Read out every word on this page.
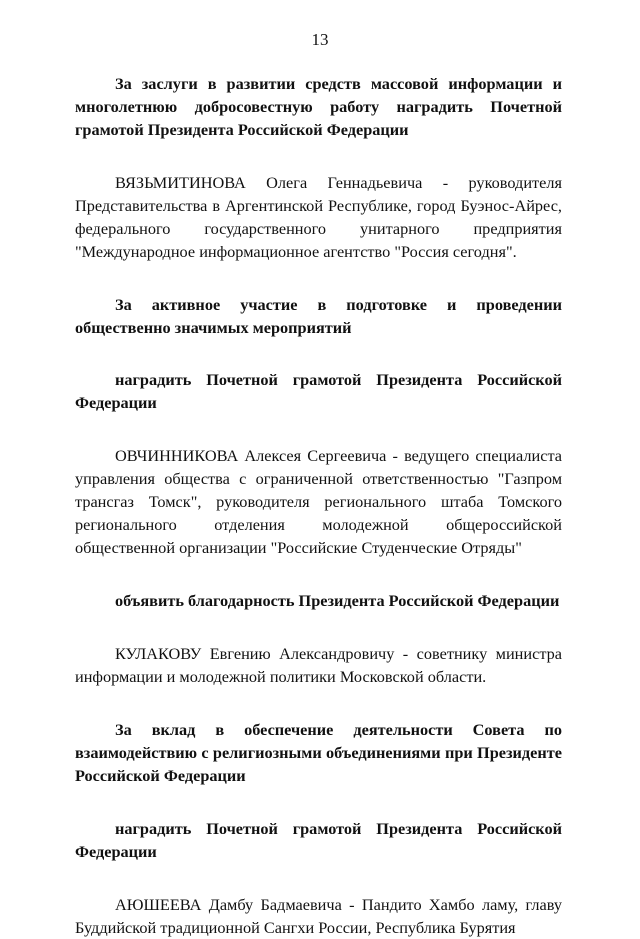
13

За заслуги в развитии средств массовой информации и многолетнюю добросовестную работу наградить Почетной грамотой Президента Российской Федерации

ВЯЗЬМИТИНОВА Олега Геннадьевича - руководителя Представительства в Аргентинской Республике, город Буэнос-Айрес, федерального государственного унитарного предприятия "Международное информационное агентство "Россия сегодня".

За активное участие в подготовке и проведении общественно значимых мероприятий

наградить Почетной грамотой Президента Российской Федерации

ОВЧИННИКОВА Алексея Сергеевича - ведущего специалиста управления общества с ограниченной ответственностью "Газпром трансгаз Томск", руководителя регионального штаба Томского регионального отделения молодежной общероссийской общественной организации "Российские Студенческие Отряды"

объявить благодарность Президента Российской Федерации

КУЛАКОВУ Евгению Александровичу - советнику министра информации и молодежной политики Московской области.

За вклад в обеспечение деятельности Совета по взаимодействию с религиозными объединениями при Президенте Российской Федерации

наградить Почетной грамотой Президента Российской Федерации

АЮШЕЕВА Дамбу Бадмаевича - Пандито Хамбо ламу, главу Буддийской традиционной Сангхи России, Республика Бурятия
